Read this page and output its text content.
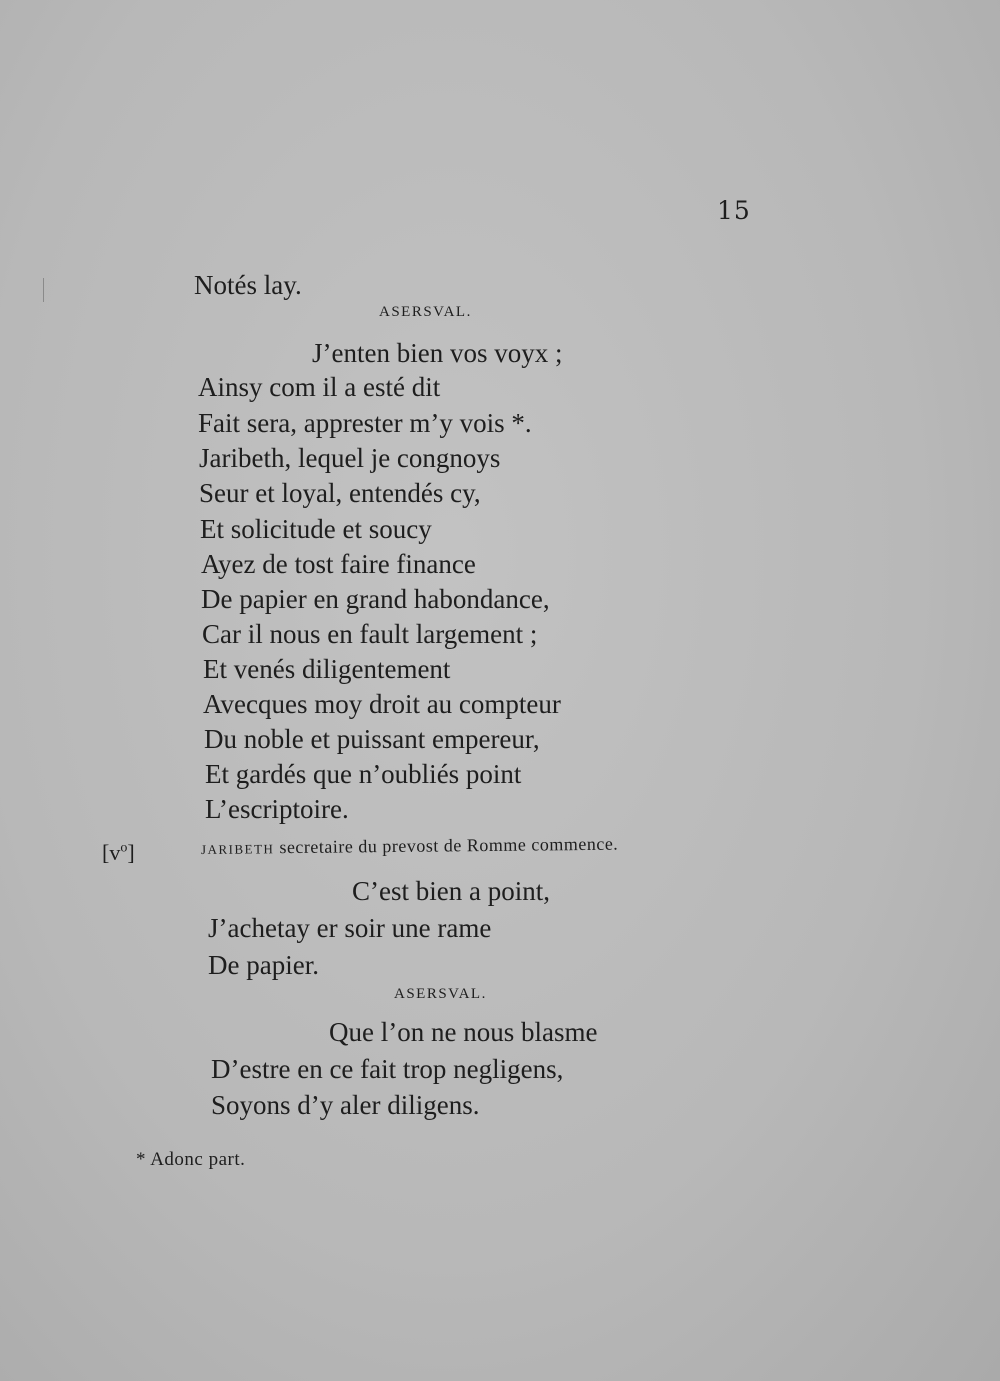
15
Notés lay.
ASERSVAL.
J’enten bien vos voyx ;
Ainsy com il a esté dit
Fait sera, apprester m’y vois *.
Jaribeth, lequel je congnoys
Seur et loyal, entendés cy,
Et solicitude et soucy
Ayez de tost faire finance
De papier en grand habondance,
Car il nous en fault largement ;
Et venés diligentement
Avecques moy droit au compteur
Du noble et puissant empereur,
Et gardés que n’oubliés point
L’escriptoire.
$[v^o]$	JARIBETH secretaire du prevost de Romme commence.
C’est bien a point,
J’achetay er soir une rame
De papier.
ASERSVAL.
Que l’on ne nous blasme
D’estre en ce fait trop negligens,
Soyons d’y aler diligens.
* Adonc part.
